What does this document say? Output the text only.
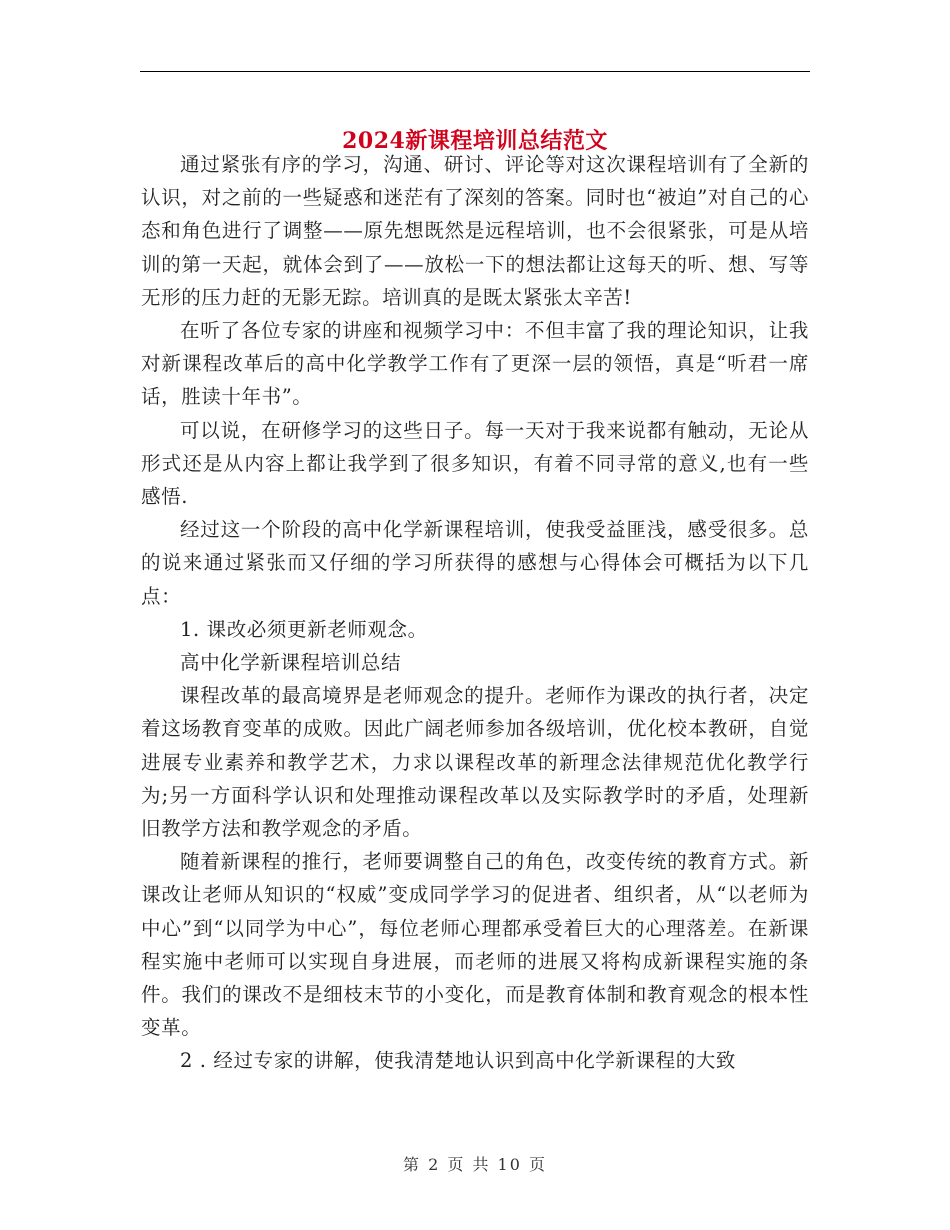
2024新课程培训总结范文

通过紧张有序的学习，沟通、研讨、评论等对这次课程培训有了全新的认识，对之前的一些疑惑和迷茫有了深刻的答案。同时也“被迫”对自己的心态和角色进行了调整——原先想既然是远程培训，也不会很紧张，可是从培训的第一天起，就体会到了——放松一下的想法都让这每天的听、想、写等无形的压力赶的无影无踪。培训真的是既太紧张太辛苦!

在听了各位专家的讲座和视频学习中：不但丰富了我的理论知识，让我对新课程改革后的高中化学教学工作有了更深一层的领悟，真是“听君一席话，胜读十年书”。

可以说，在研修学习的这些日子。每一天对于我来说都有触动，无论从形式还是从内容上都让我学到了很多知识，有着不同寻常的意义,也有一些感悟.

经过这一个阶段的高中化学新课程培训，使我受益匪浅，感受很多。总的说来通过紧张而又仔细的学习所获得的感想与心得体会可概括为以下几点：

1. 课改必须更新老师观念。

高中化学新课程培训总结

课程改革的最高境界是老师观念的提升。老师作为课改的执行者，决定着这场教育变革的成败。因此广阔老师参加各级培训，优化校本教研，自觉进展专业素养和教学艺术，力求以课程改革的新理念法律规范优化教学行为;另一方面科学认识和处理推动课程改革以及实际教学时的矛盾，处理新旧教学方法和教学观念的矛盾。

随着新课程的推行，老师要调整自己的角色，改变传统的教育方式。新课改让老师从知识的“权威”变成同学学习的促进者、组织者，从“以老师为中心”到“以同学为中心”，每位老师心理都承受着巨大的心理落差。在新课程实施中老师可以实现自身进展，而老师的进展又将构成新课程实施的条件。我们的课改不是细枝末节的小变化，而是教育体制和教育观念的根本性变革。

2 . 经过专家的讲解，使我清楚地认识到高中化学新课程的大致

第 2 页 共 10 页
